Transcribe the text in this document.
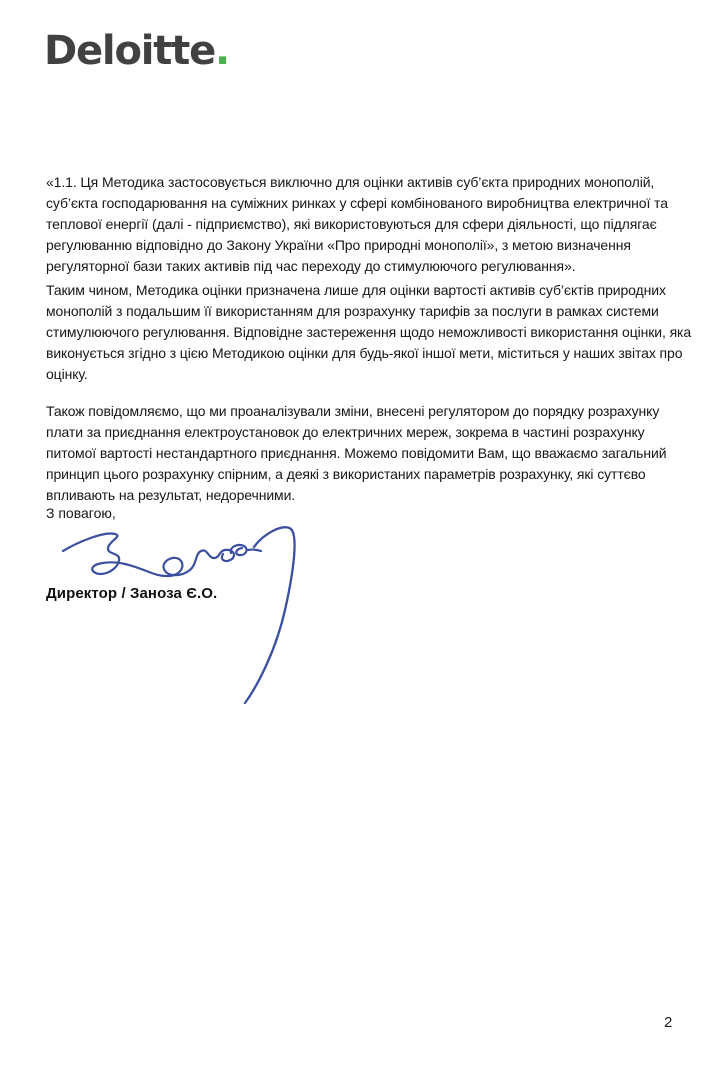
Deloitte.
«1.1. Ця Методика застосовується виключно для оцінки активів суб’єкта природних монополій,
суб’єкта господарювання на суміжних ринках у сфері комбінованого виробництва електричної та
теплової енергії (далі - підприємство), які використовуються для сфери діяльності, що підлягає
регулюванню відповідно до Закону України «Про природні монополії», з метою визначення
регуляторної бази таких активів під час переходу до стимулюючого регулювання».
Таким чином, Методика оцінки призначена лише для оцінки вартості активів суб’єктів природних
монополій з подальшим її використанням для розрахунку тарифів за послуги в рамках системи
стимулюючого регулювання. Відповідне застереження щодо неможливості використання оцінки, яка
виконується згідно з цією Методикою оцінки для будь-якої іншої мети, міститься у наших звітах про
оцінку.
Також повідомляємо, що ми проаналізували зміни, внесені регулятором до порядку розрахунку
плати за приєднання електроустановок до електричних мереж, зокрема в частині розрахунку
питомої вартості нестандартного приєднання. Можемо повідомити Вам, що вважаємо загальний
принцип цього розрахунку спірним, а деякі з використаних параметрів розрахунку, які суттєво
впливають на результат, недоречними.
З повагою,
Директор / Заноза Є.О.
2
